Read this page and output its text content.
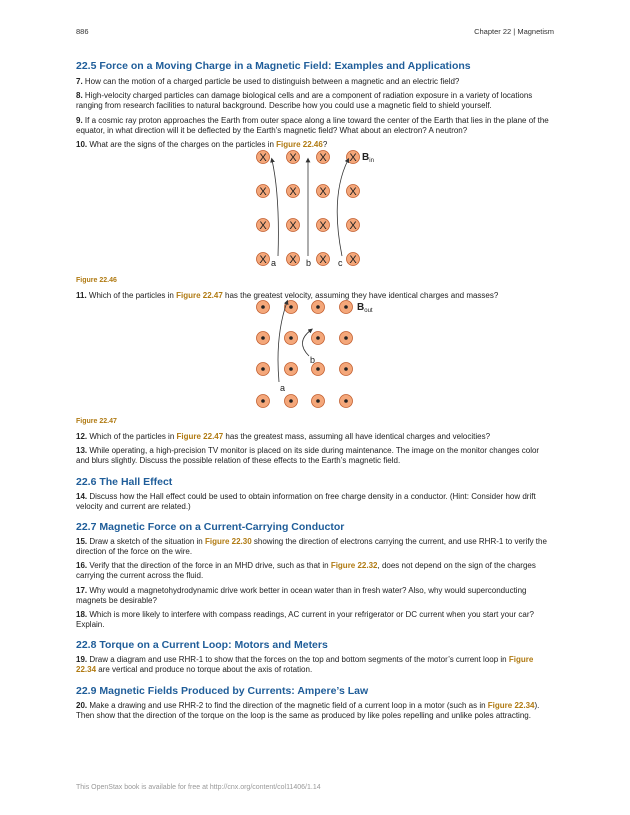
886	Chapter 22 | Magnetism
22.5 Force on a Moving Charge in a Magnetic Field: Examples and Applications
7. How can the motion of a charged particle be used to distinguish between a magnetic and an electric field?
8. High-velocity charged particles can damage biological cells and are a component of radiation exposure in a variety of locations ranging from research facilities to natural background. Describe how you could use a magnetic field to shield yourself.
9. If a cosmic ray proton approaches the Earth from outer space along a line toward the center of the Earth that lies in the plane of the equator, in what direction will it be deflected by the Earth’s magnetic field? What about an electron? A neutron?
10. What are the signs of the charges on the particles in Figure 22.46?
X
X
X
X
X
X
X
X
X
X
X
X
X
X
X
X
a	b	c
$B_{in}$
Figure 22.46
11. Which of the particles in Figure 22.47 has the greatest velocity, assuming they have identical charges and masses?
a
b
$B_{out}$
Figure 22.47
12. Which of the particles in Figure 22.47 has the greatest mass, assuming all have identical charges and velocities?
13. While operating, a high-precision TV monitor is placed on its side during maintenance. The image on the monitor changes color and blurs slightly. Discuss the possible relation of these effects to the Earth’s magnetic field.
22.6 The Hall Effect
14. Discuss how the Hall effect could be used to obtain information on free charge density in a conductor. (Hint: Consider how drift velocity and current are related.)
22.7 Magnetic Force on a Current-Carrying Conductor
15. Draw a sketch of the situation in Figure 22.30 showing the direction of electrons carrying the current, and use RHR-1 to verify the direction of the force on the wire.
16. Verify that the direction of the force in an MHD drive, such as that in Figure 22.32, does not depend on the sign of the charges carrying the current across the fluid.
17. Why would a magnetohydrodynamic drive work better in ocean water than in fresh water? Also, why would superconducting magnets be desirable?
18. Which is more likely to interfere with compass readings, AC current in your refrigerator or DC current when you start your car? Explain.
22.8 Torque on a Current Loop: Motors and Meters
19. Draw a diagram and use RHR-1 to show that the forces on the top and bottom segments of the motor’s current loop in Figure 22.34 are vertical and produce no torque about the axis of rotation.
22.9 Magnetic Fields Produced by Currents: Ampere’s Law
20. Make a drawing and use RHR-2 to find the direction of the magnetic field of a current loop in a motor (such as in Figure 22.34). Then show that the direction of the torque on the loop is the same as produced by like poles repelling and unlike poles attracting.
This OpenStax book is available for free at http://cnx.org/content/col11406/1.14
